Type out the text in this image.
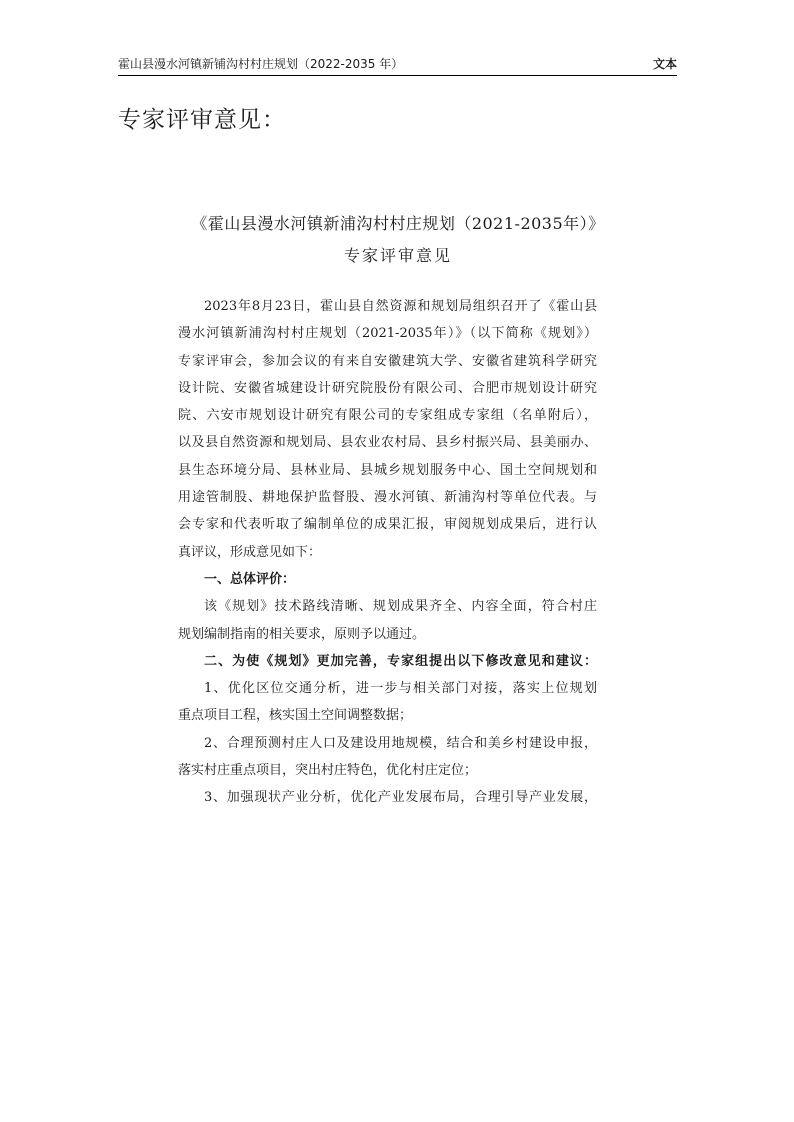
霍山县漫水河镇新铺沟村村庄规划（2022-2035 年）	文本
专家评审意见：
《霍山县漫水河镇新浦沟村村庄规划（2021-2035年）》
专家评审意见
2023年8月23日，霍山县自然资源和规划局组织召开了《霍山县
漫水河镇新浦沟村村庄规划（2021-2035年）》（以下简称《规划》）
专家评审会，参加会议的有来自安徽建筑大学、安徽省建筑科学研究
设计院、安徽省城建设计研究院股份有限公司、合肥市规划设计研究
院、六安市规划设计研究有限公司的专家组成专家组（名单附后），
以及县自然资源和规划局、县农业农村局、县乡村振兴局、县美丽办、
县生态环境分局、县林业局、县城乡规划服务中心、国土空间规划和
用途管制股、耕地保护监督股、漫水河镇、新浦沟村等单位代表。与
会专家和代表听取了编制单位的成果汇报，审阅规划成果后，进行认
真评议，形成意见如下：
一、总体评价：
该《规划》技术路线清晰、规划成果齐全、内容全面，符合村庄
规划编制指南的相关要求，原则予以通过。
二、为使《规划》更加完善，专家组提出以下修改意见和建议：
1、优化区位交通分析，进一步与相关部门对接，落实上位规划
重点项目工程，核实国土空间调整数据；
2、合理预测村庄人口及建设用地规模，结合和美乡村建设申报，
落实村庄重点项目，突出村庄特色，优化村庄定位；
3、加强现状产业分析，优化产业发展布局，合理引导产业发展，
